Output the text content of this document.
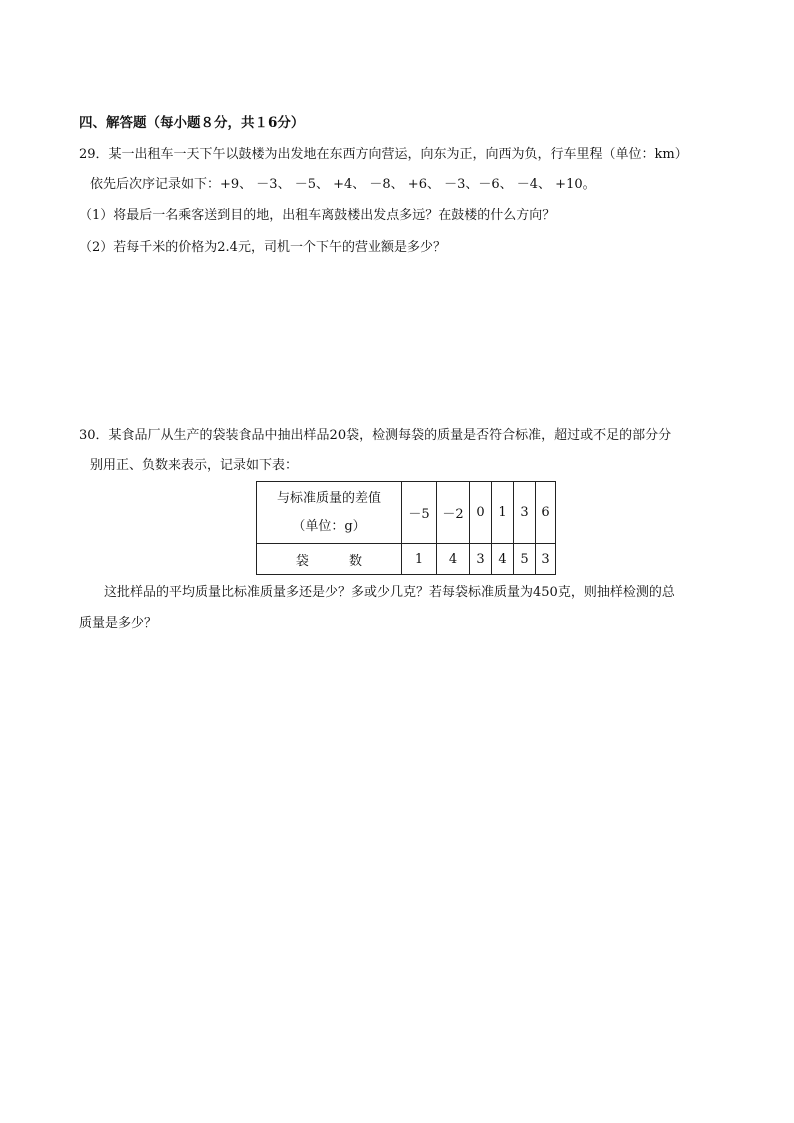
四、解答题（每小题８分，共１6分）
29．某一出租车一天下午以鼓楼为出发地在东西方向营运，向东为正，向西为负，行车里程（单位：km）
依先后次序记录如下：+9、 －3、 －5、 +4、 －8、 +6、 －3、－6、 －4、 +10。
（1）将最后一名乘客送到目的地，出租车离鼓楼出发点多远？在鼓楼的什么方向？
（2）若每千米的价格为2.4元，司机一个下午的营业额是多少？
30．某食品厂从生产的袋装食品中抽出样品20袋，检测每袋的质量是否符合标准，超过或不足的部分分
别用正、负数来表示，记录如下表：
与标准质量的差值
（单位：g）	－5	－2	0	1	3	6
袋 数	1	4	3	4	5	3
这批样品的平均质量比标准质量多还是少？多或少几克？若每袋标准质量为450克，则抽样检测的总
质量是多少？
